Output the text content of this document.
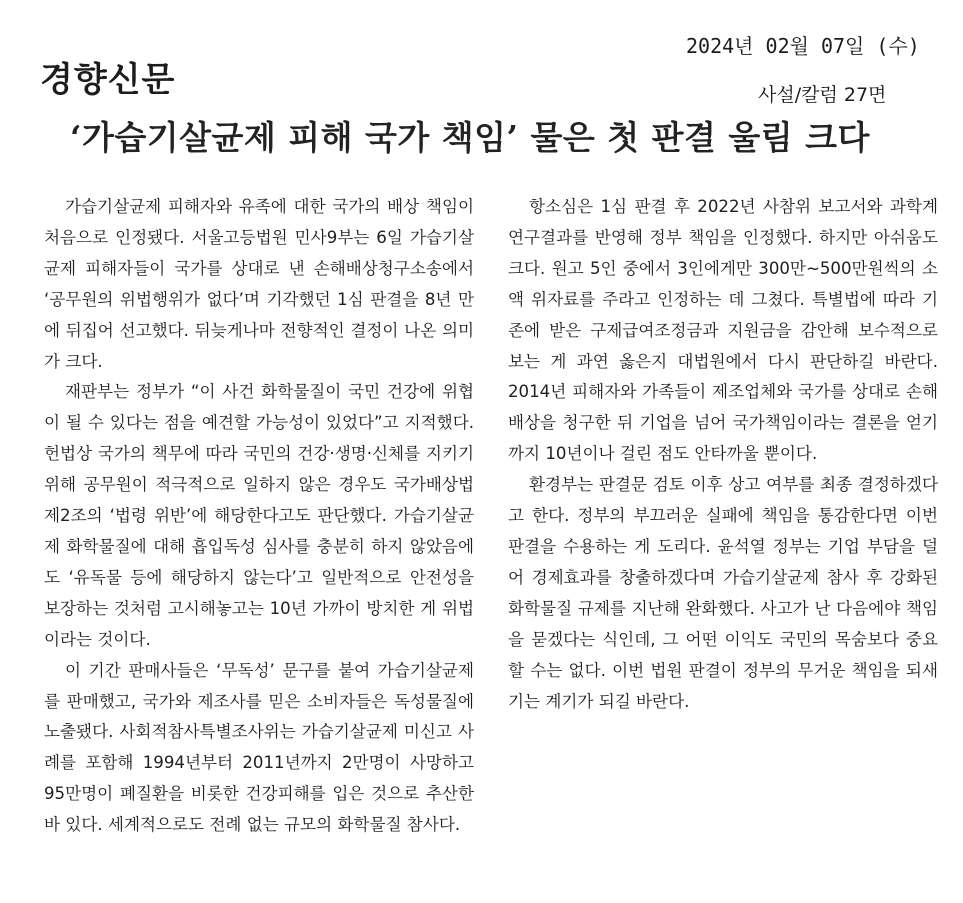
경향신문
2024년 02월 07일 (수)
사설/칼럼 27면
‘가습기살균제 피해 국가 책임’ 물은 첫 판결 울림 크다

가습기살균제 피해자와 유족에 대한 국가의 배상 책임이 처음으로 인정됐다. 서울고등법원 민사9부는 6일 가습기살균제 피해자들이 국가를 상대로 낸 손해배상청구소송에서 ‘공무원의 위법행위가 없다’며 기각했던 1심 판결을 8년 만에 뒤집어 선고했다. 뒤늦게나마 전향적인 결정이 나온 의미가 크다.

재판부는 정부가 “이 사건 화학물질이 국민 건강에 위협이 될 수 있다는 점을 예견할 가능성이 있었다”고 지적했다. 헌법상 국가의 책무에 따라 국민의 건강·생명·신체를 지키기 위해 공무원이 적극적으로 일하지 않은 경우도 국가배상법 제2조의 ‘법령 위반’에 해당한다고도 판단했다. 가습기살균제 화학물질에 대해 흡입독성 심사를 충분히 하지 않았음에도 ‘유독물 등에 해당하지 않는다’고 일반적으로 안전성을 보장하는 것처럼 고시해놓고는 10년 가까이 방치한 게 위법이라는 것이다.

이 기간 판매사들은 ‘무독성’ 문구를 붙여 가습기살균제를 판매했고, 국가와 제조사를 믿은 소비자들은 독성물질에 노출됐다. 사회적참사특별조사위는 가습기살균제 미신고 사례를 포함해 1994년부터 2011년까지 2만명이 사망하고 95만명이 폐질환을 비롯한 건강피해를 입은 것으로 추산한 바 있다. 세계적으로도 전례 없는 규모의 화학물질 참사다.

항소심은 1심 판결 후 2022년 사참위 보고서와 과학계 연구결과를 반영해 정부 책임을 인정했다. 하지만 아쉬움도 크다. 원고 5인 중에서 3인에게만 300만~500만원씩의 소액 위자료를 주라고 인정하는 데 그쳤다. 특별법에 따라 기존에 받은 구제급여조정금과 지원금을 감안해 보수적으로 보는 게 과연 옳은지 대법원에서 다시 판단하길 바란다. 2014년 피해자와 가족들이 제조업체와 국가를 상대로 손해배상을 청구한 뒤 기업을 넘어 국가책임이라는 결론을 얻기까지 10년이나 걸린 점도 안타까울 뿐이다.

환경부는 판결문 검토 이후 상고 여부를 최종 결정하겠다고 한다. 정부의 부끄러운 실패에 책임을 통감한다면 이번 판결을 수용하는 게 도리다. 윤석열 정부는 기업 부담을 덜어 경제효과를 창출하겠다며 가습기살균제 참사 후 강화된 화학물질 규제를 지난해 완화했다. 사고가 난 다음에야 책임을 묻겠다는 식인데, 그 어떤 이익도 국민의 목숨보다 중요할 수는 없다. 이번 법원 판결이 정부의 무거운 책임을 되새기는 계기가 되길 바란다.
